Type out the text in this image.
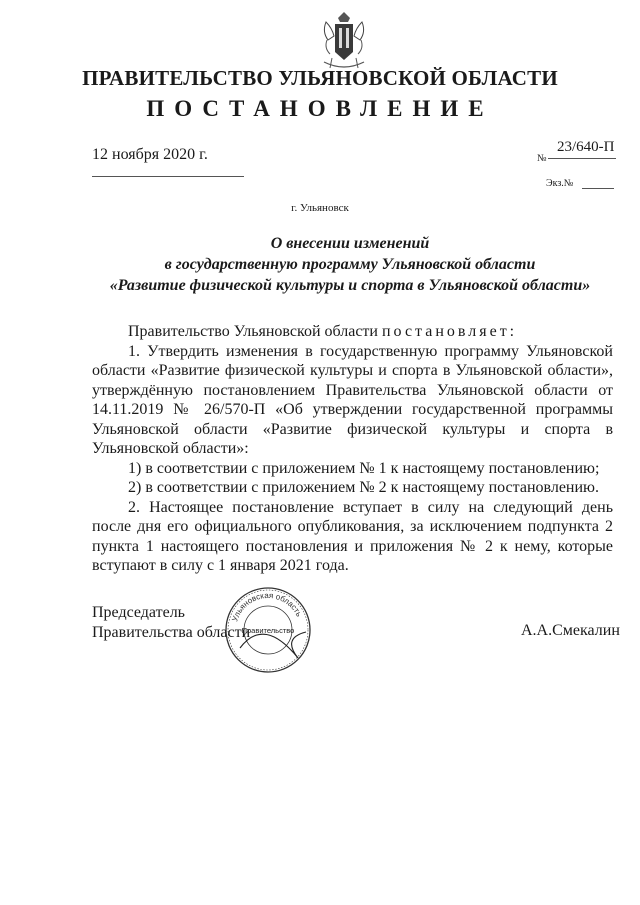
ПРАВИТЕЛЬСТВО УЛЬЯНОВСКОЙ ОБЛАСТИ
ПОСТАНОВЛЕНИЕ
12 ноября 2020 г.	№
23/640-П
Экз.№
г. Ульяновск
О внесении изменений
в государственную программу Ульяновской области
«Развитие физической культуры и спорта в Ульяновской области»

Правительство Ульяновской области постановляет:

1. Утвердить изменения в государственную программу Ульяновской области «Развитие физической культуры и спорта в Ульяновской области», утверждённую постановлением Правительства Ульяновской области от 14.11.2019 № 26/570-П «Об утверждении государственной программы Ульяновской области «Развитие физической культуры и спорта в Ульяновской области»:

1) в соответствии с приложением № 1 к настоящему постановлению;

2) в соответствии с приложением № 2 к настоящему постановлению.

2. Настоящее постановление вступает в силу на следующий день после дня его официального опубликования, за исключением подпункта 2 пункта 1 настоящего постановления и приложения № 2 к нему, которые вступают в силу с 1 января 2021 года.

Председатель
Правительства области	А.А.Смекалин
Ульяновская область
Правительство
